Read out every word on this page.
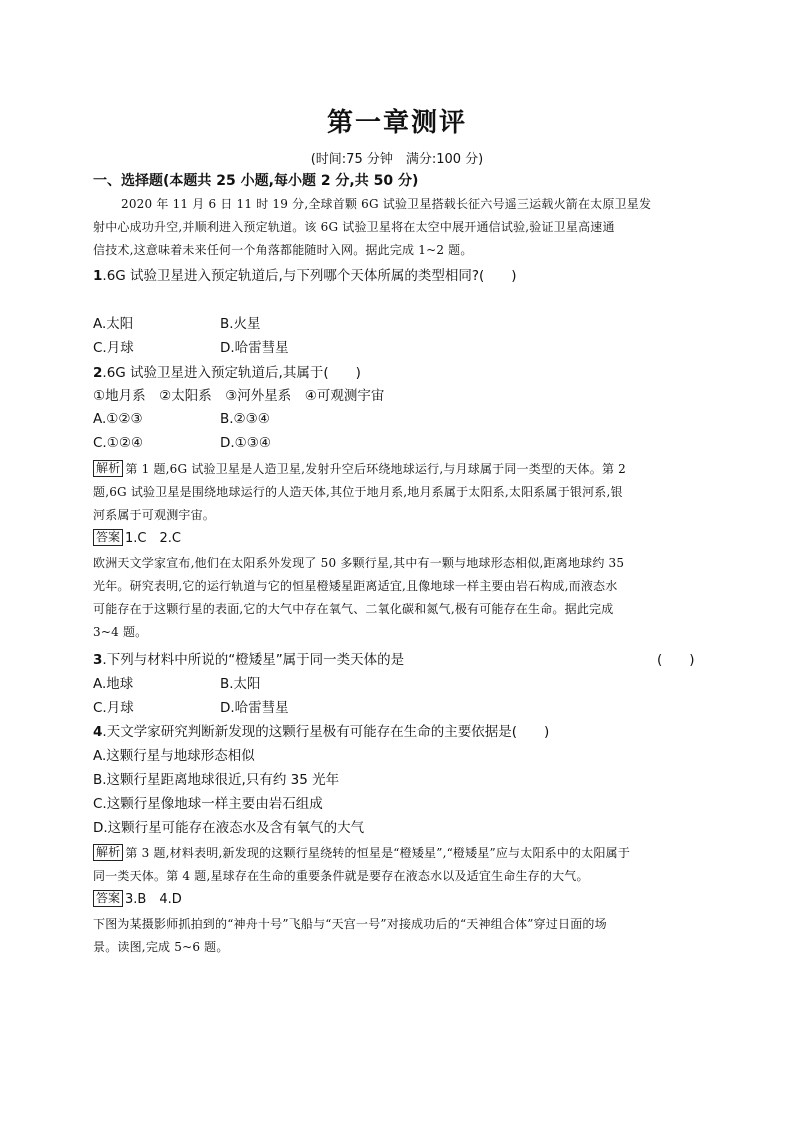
第一章测评
(时间:75 分钟　满分:100 分)
一、选择题(本题共 25 小题,每小题 2 分,共 50 分)
2020 年 11 月 6 日 11 时 19 分,全球首颗 6G 试验卫星搭载长征六号遥三运载火箭在太原卫星发
射中心成功升空,并顺利进入预定轨道。该 6G 试验卫星将在太空中展开通信试验,验证卫星高速通
信技术,这意味着未来任何一个角落都能随时入网。据此完成 1~2 题。
1.6G 试验卫星进入预定轨道后,与下列哪个天体所属的类型相同?(　　)
A.太阳	B.火星
C.月球	D.哈雷彗星
2.6G 试验卫星进入预定轨道后,其属于(　　)
①地月系　②太阳系　③河外星系　④可观测宇宙
A.①②③	B.②③④
C.①②④	D.①③④
解析 第 1 题,6G 试验卫星是人造卫星,发射升空后环绕地球运行,与月球属于同一类型的天体。第 2
题,6G 试验卫星是围绕地球运行的人造天体,其位于地月系,地月系属于太阳系,太阳系属于银河系,银
河系属于可观测宇宙。
答案 1.C　2.C
欧洲天文学家宣布,他们在太阳系外发现了 50 多颗行星,其中有一颗与地球形态相似,距离地球约 35
光年。研究表明,它的运行轨道与它的恒星橙矮星距离适宜,且像地球一样主要由岩石构成,而液态水
可能存在于这颗行星的表面,它的大气中存在氧气、二氧化碳和氮气,极有可能存在生命。据此完成
3~4 题。
3.下列与材料中所说的“橙矮星”属于同一类天体的是	(　　)
A.地球	B.太阳
C.月球	D.哈雷彗星
4.天文学家研究判断新发现的这颗行星极有可能存在生命的主要依据是(　　)
A.这颗行星与地球形态相似
B.这颗行星距离地球很近,只有约 35 光年
C.这颗行星像地球一样主要由岩石组成
D.这颗行星可能存在液态水及含有氧气的大气
解析 第 3 题,材料表明,新发现的这颗行星绕转的恒星是“橙矮星”,“橙矮星”应与太阳系中的太阳属于
同一类天体。第 4 题,星球存在生命的重要条件就是要存在液态水以及适宜生命生存的大气。
答案 3.B　4.D
下图为某摄影师抓拍到的“神舟十号”飞船与“天宫一号”对接成功后的“天神组合体”穿过日面的场
景。读图,完成 5~6 题。
